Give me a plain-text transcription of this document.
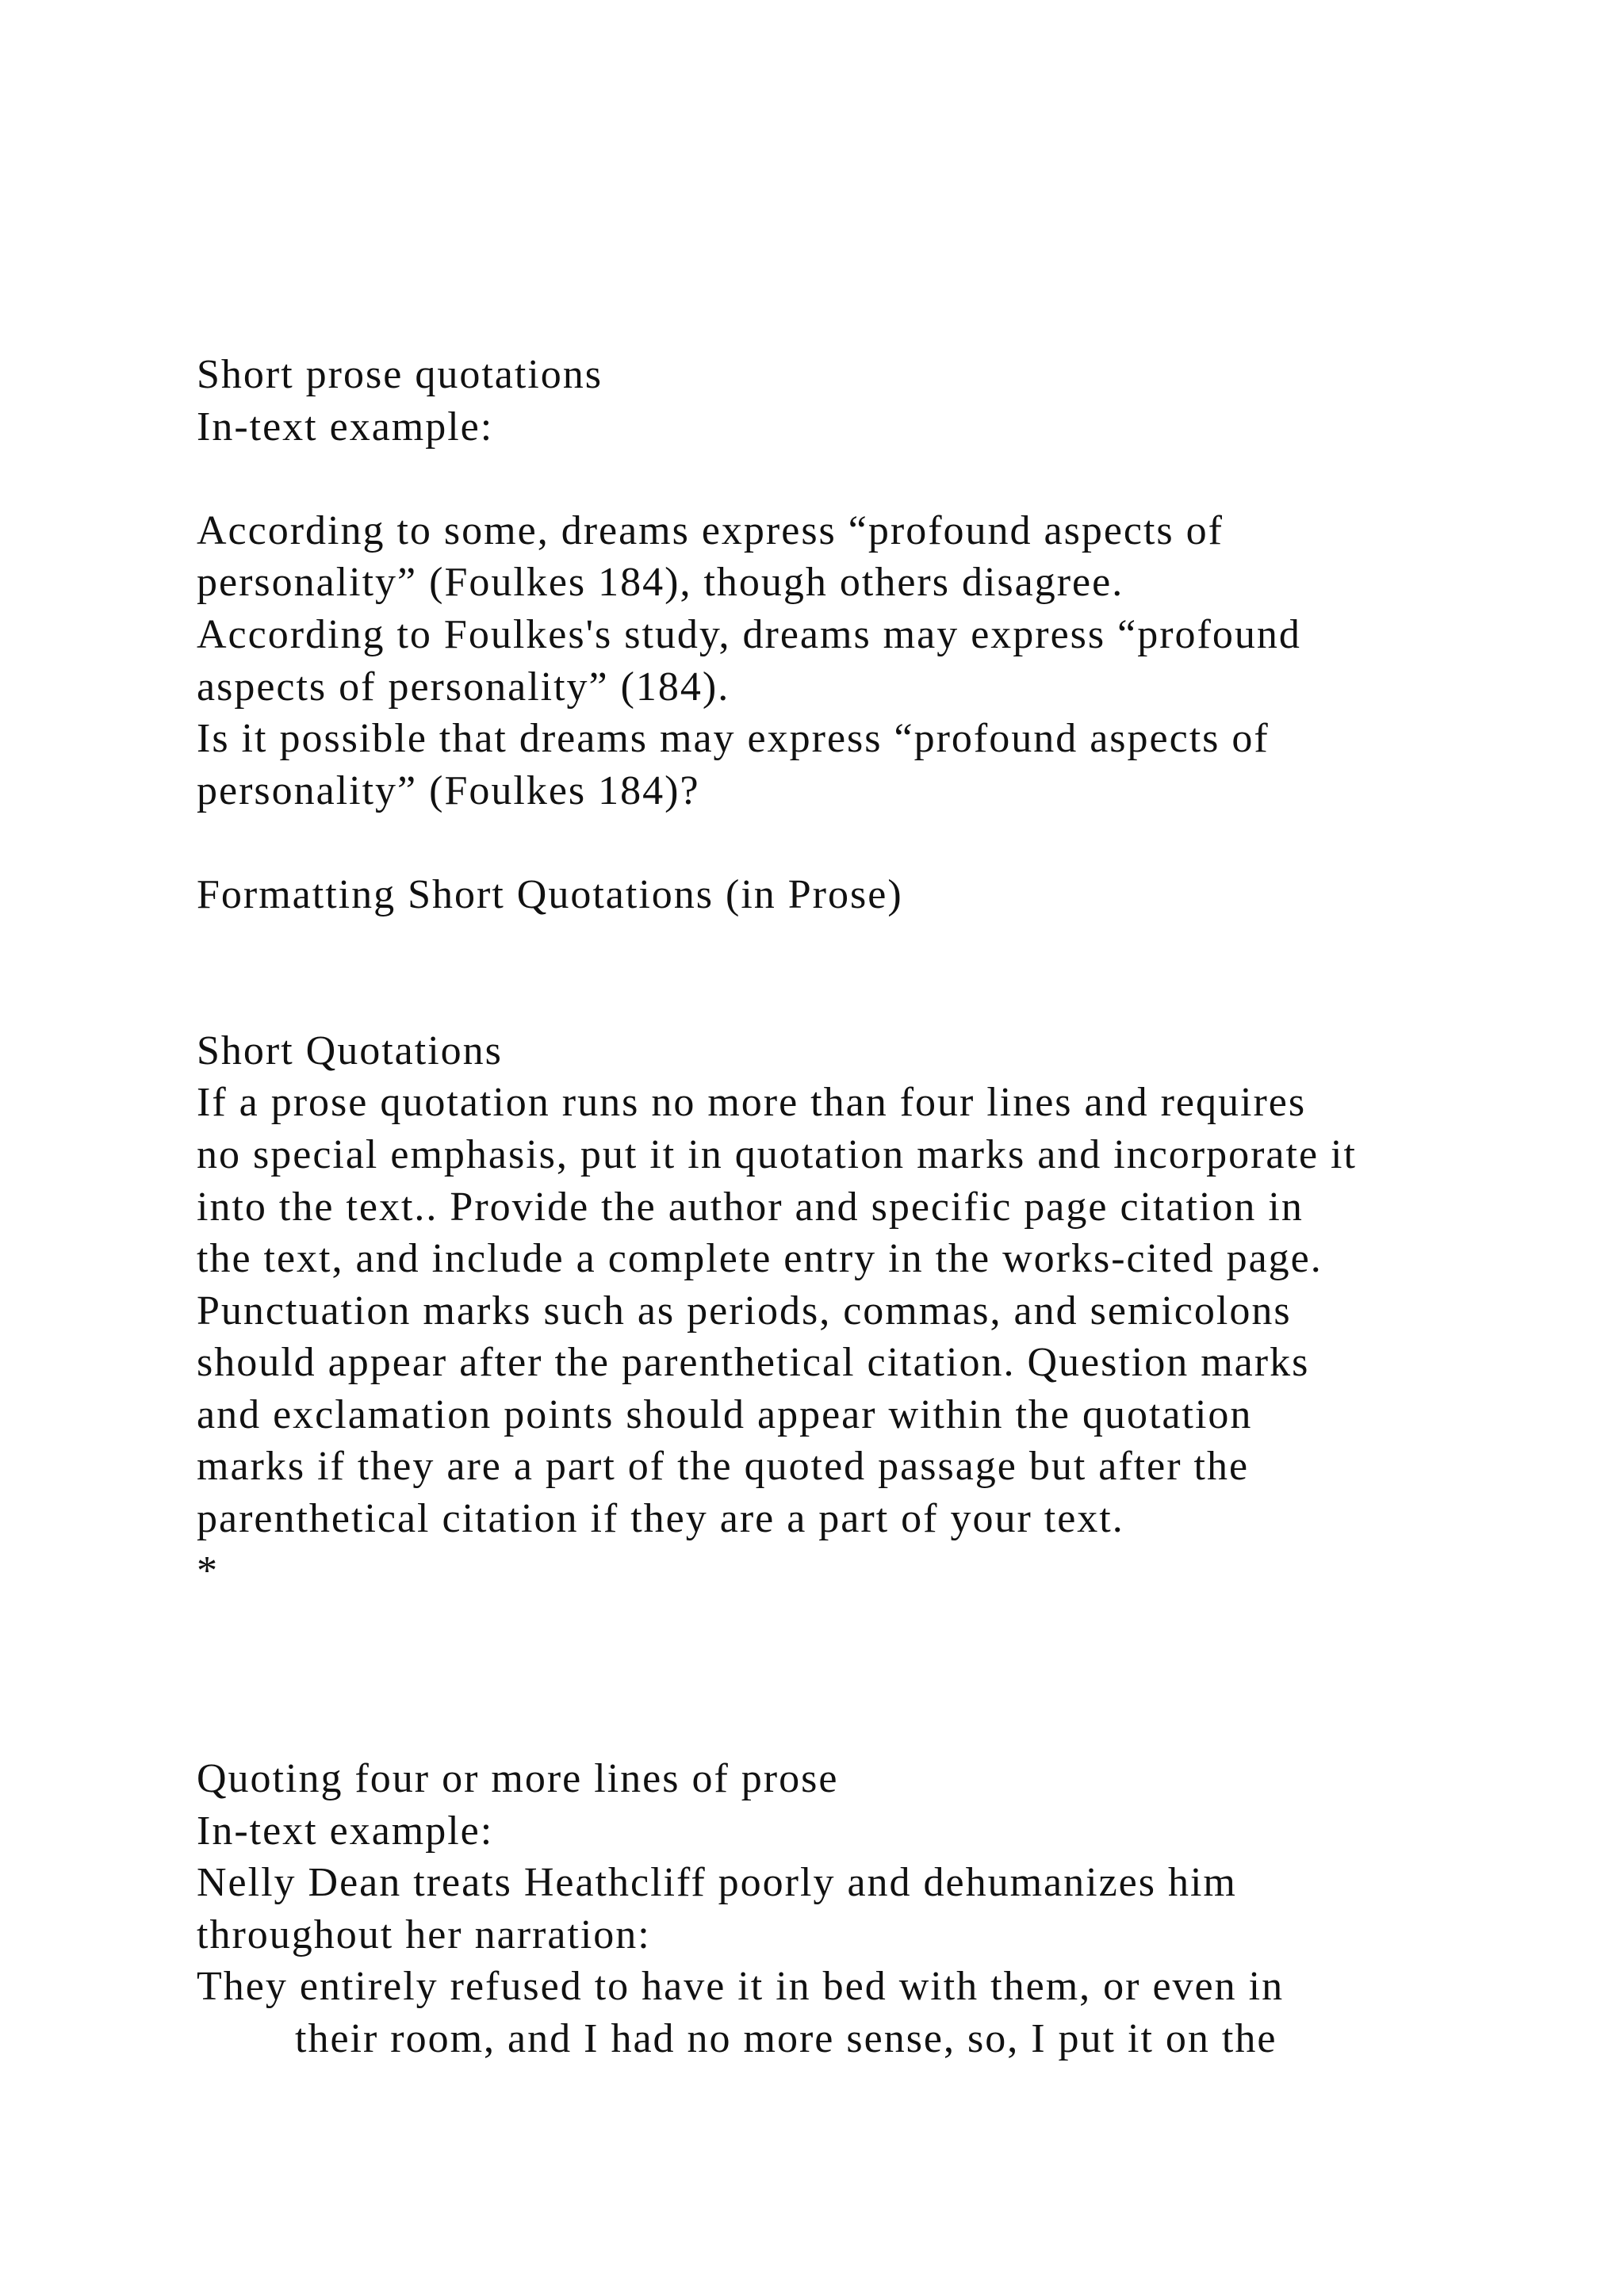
Short prose quotations
In-text example:
According to some, dreams express “profound aspects of
personality” (Foulkes 184), though others disagree.
According to Foulkes's study, dreams may express “profound
aspects of personality” (184).
Is it possible that dreams may express “profound aspects of
personality” (Foulkes 184)?
Formatting Short Quotations (in Prose)
Short Quotations
If a prose quotation runs no more than four lines and requires
no special emphasis, put it in quotation marks and incorporate it
into the text.. Provide the author and specific page citation in
the text, and include a complete entry in the works-cited page.
Punctuation marks such as periods, commas, and semicolons
should appear after the parenthetical citation. Question marks
and exclamation points should appear within the quotation
marks if they are a part of the quoted passage but after the
parenthetical citation if they are a part of your text.
*
Quoting four or more lines of prose
In-text example:
Nelly Dean treats Heathcliff poorly and dehumanizes him
throughout her narration:
They entirely refused to have it in bed with them, or even in
their room, and I had no more sense, so, I put it on the
